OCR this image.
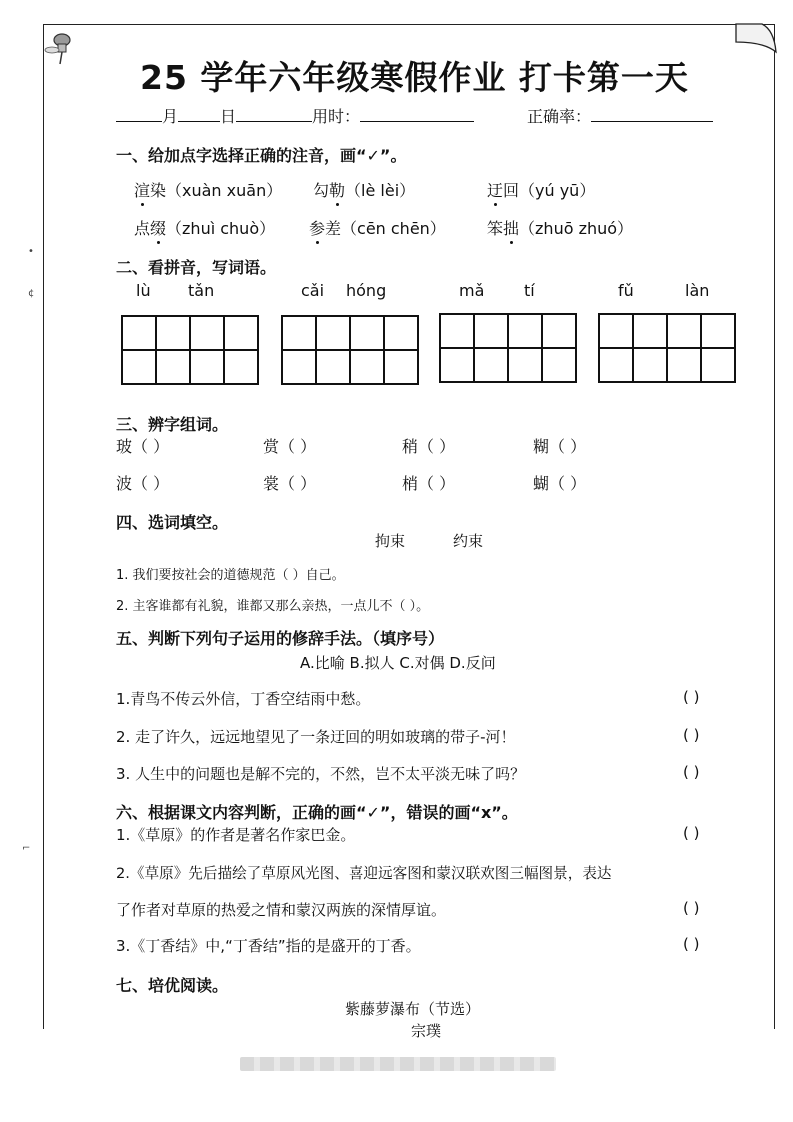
•
¢
⌐
25 学年六年级寒假作业 打卡第一天
月	日	用时：	正确率：
一、给加点字选择正确的注音，画“✓”。
渲染（xuàn xuān） 勾勒（lè lèi）	迂回（yú yū）
点缀（zhuì chuò） 参差（cēn chēn）	笨拙（zhuō zhuó）
二、看拼音，写词语。
lù tǎn	cǎi hóng	mǎ tí	fǔ	làn
三、辨字组词。
玻（ ）	赏（ ）	稍（ ）	糊（ ）
波（ ）	裳（ ）	梢（ ）	蝴（ ）
四、选词填空。
拘束	约束
1. 我们要按社会的道德规范（ ）自己。
2. 主客谁都有礼貌，谁都又那么亲热，一点儿不（ ）。
五、判断下列句子运用的修辞手法。（填序号）
A.比喻 B.拟人 C.对偶 D.反问
1.青鸟不传云外信，丁香空结雨中愁。	( )
2. 走了许久，远远地望见了一条迂回的明如玻璃的带子-河！	( )
3. 人生中的问题也是解不完的，不然，岂不太平淡无味了吗？	( )
六、根据课文内容判断，正确的画“✓”，错误的画“x”。
1.《草原》的作者是著名作家巴金。	( )
2.《草原》先后描绘了草原风光图、喜迎远客图和蒙汉联欢图三幅图景，表达
了作者对草原的热爱之情和蒙汉两族的深情厚谊。	( )
3.《丁香结》中,“丁香结”指的是盛开的丁香。	( )
七、培优阅读。
紫藤萝瀑布（节选）
宗璞
